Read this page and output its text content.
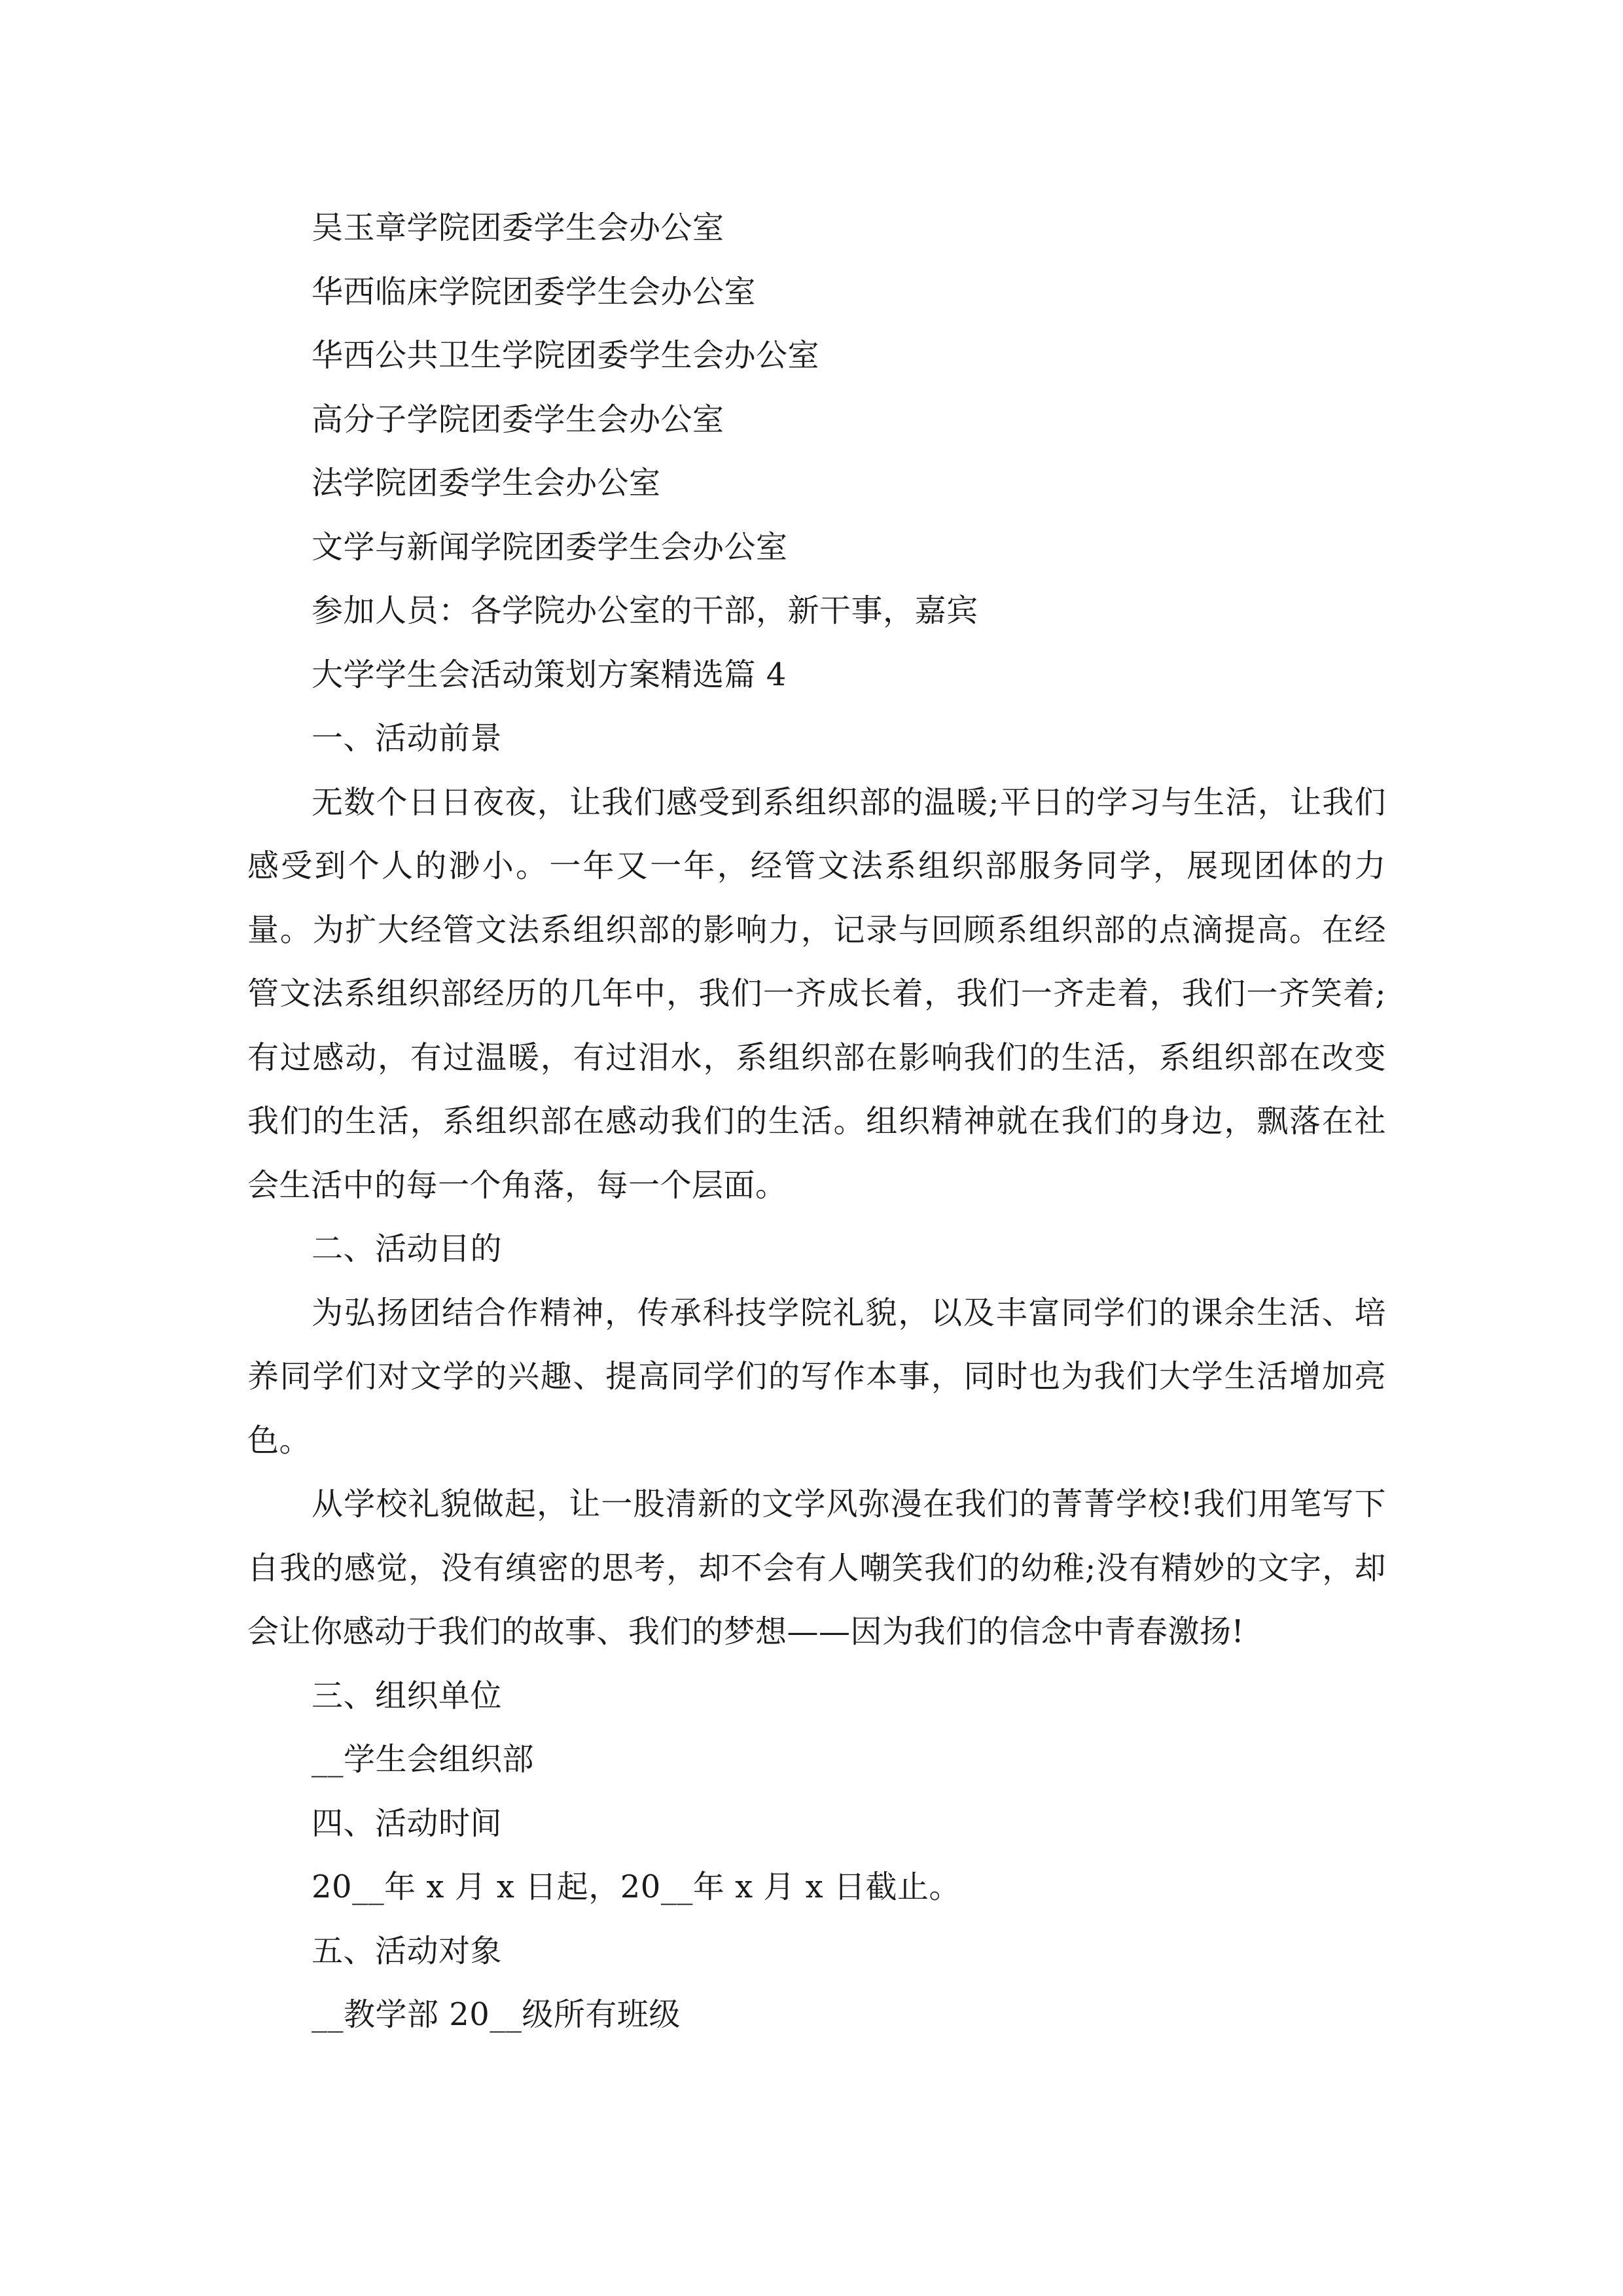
吴玉章学院团委学生会办公室
华西临床学院团委学生会办公室
华西公共卫生学院团委学生会办公室
高分子学院团委学生会办公室
法学院团委学生会办公室
文学与新闻学院团委学生会办公室
参加人员：各学院办公室的干部，新干事，嘉宾
大学学生会活动策划方案精选篇 4
一、活动前景

无数个日日夜夜，让我们感受到系组织部的温暖;平日的学习与生活，让我们感受到个人的渺小。一年又一年，经管文法系组织部服务同学，展现团体的力量。为扩大经管文法系组织部的影响力，记录与回顾系组织部的点滴提高。在经管文法系组织部经历的几年中，我们一齐成长着，我们一齐走着，我们一齐笑着;有过感动，有过温暖，有过泪水，系组织部在影响我们的生活，系组织部在改变我们的生活，系组织部在感动我们的生活。组织精神就在我们的身边，飘落在社会生活中的每一个角落，每一个层面。

二、活动目的

为弘扬团结合作精神，传承科技学院礼貌，以及丰富同学们的课余生活、培养同学们对文学的兴趣、提高同学们的写作本事，同时也为我们大学生活增加亮色。

从学校礼貌做起，让一股清新的文学风弥漫在我们的菁菁学校!我们用笔写下自我的感觉，没有缜密的思考，却不会有人嘲笑我们的幼稚;没有精妙的文字，却会让你感动于我们的故事、我们的梦想——因为我们的信念中青春激扬!

三、组织单位
__学生会组织部
四、活动时间
20__年 x 月 x 日起，20__年 x 月 x 日截止。
五、活动对象
__教学部 20__级所有班级
